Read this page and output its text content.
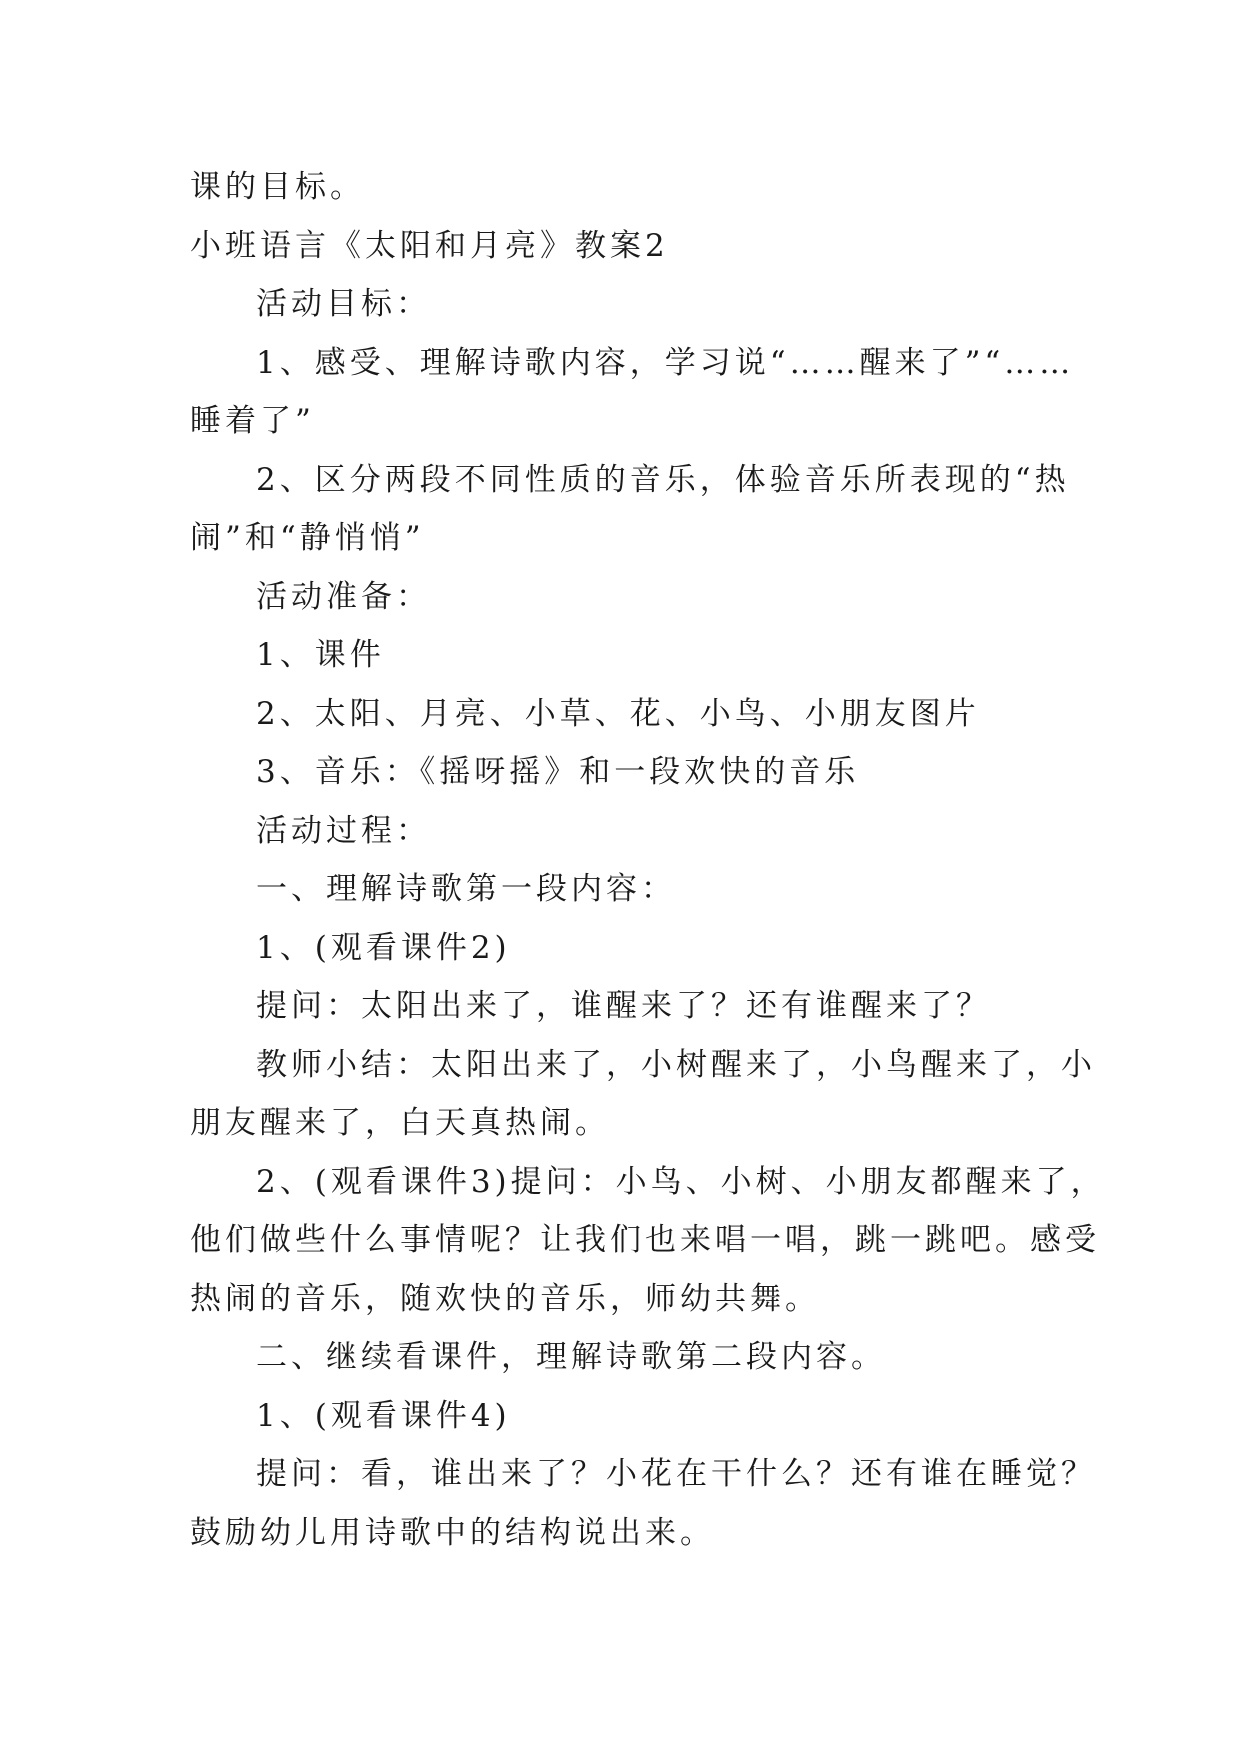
课的目标。
小班语言《太阳和月亮》教案2
活动目标：
1、感受、理解诗歌内容，学习说“……醒来了”“……
睡着了”
2、区分两段不同性质的音乐，体验音乐所表现的“热
闹”和“静悄悄”
活动准备：
1、课件
2、太阳、月亮、小草、花、小鸟、小朋友图片
3、音乐：《摇呀摇》和一段欢快的音乐
活动过程：
一、理解诗歌第一段内容：
1、(观看课件2)
提问：太阳出来了，谁醒来了？还有谁醒来了？
教师小结：太阳出来了，小树醒来了，小鸟醒来了，小
朋友醒来了，白天真热闹。
2、(观看课件3)提问：小鸟、小树、小朋友都醒来了，
他们做些什么事情呢？让我们也来唱一唱，跳一跳吧。感受
热闹的音乐，随欢快的音乐，师幼共舞。
二、继续看课件，理解诗歌第二段内容。
1、(观看课件4)
提问：看，谁出来了？小花在干什么？还有谁在睡觉？
鼓励幼儿用诗歌中的结构说出来。
